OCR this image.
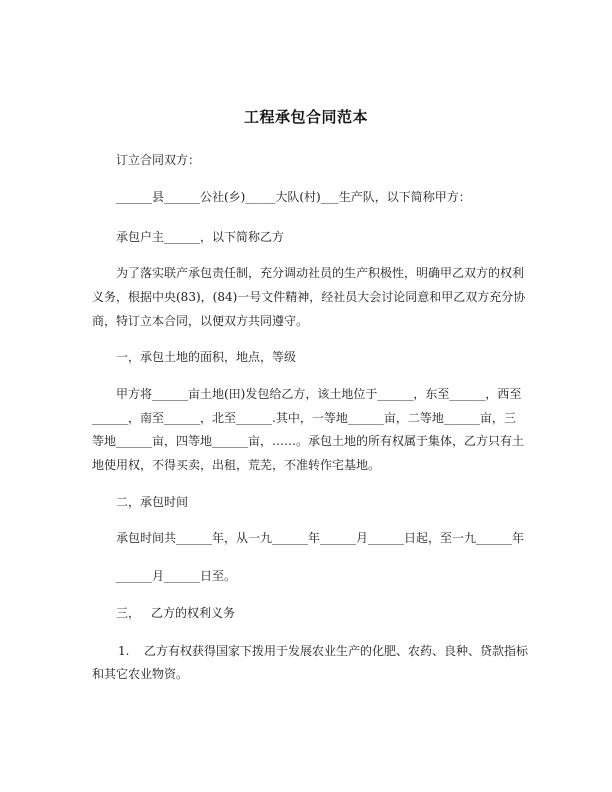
工程承包合同范本
订立合同双方：
______县______公社(乡)_____大队(村)___生产队，以下简称甲方：
承包户主______，以下简称乙方
为了落实联产承包责任制，充分调动社员的生产积极性，明确甲乙双方的权利
义务，根据中央(83)，(84)一号文件精神，经社员大会讨论同意和甲乙双方充分协
商，特订立本合同，以便双方共同遵守。
一，承包土地的面积，地点，等级
甲方将______亩土地(田)发包给乙方，该土地位于______，东至______，西至
______，南至______，北至______.其中，一等地______亩，二等地______亩，三
等地______亩，四等地______亩，……。承包土地的所有权属于集体，乙方只有土
地使用权，不得买卖，出租，荒芜，不准转作宅基地。
二，承包时间
承包时间共______年，从一九______年______月______日起，至一九______年
______月______日至。
三， 乙方的权利义务
1. 乙方有权获得国家下拨用于发展农业生产的化肥、农药、良种、贷款指标
和其它农业物资。
